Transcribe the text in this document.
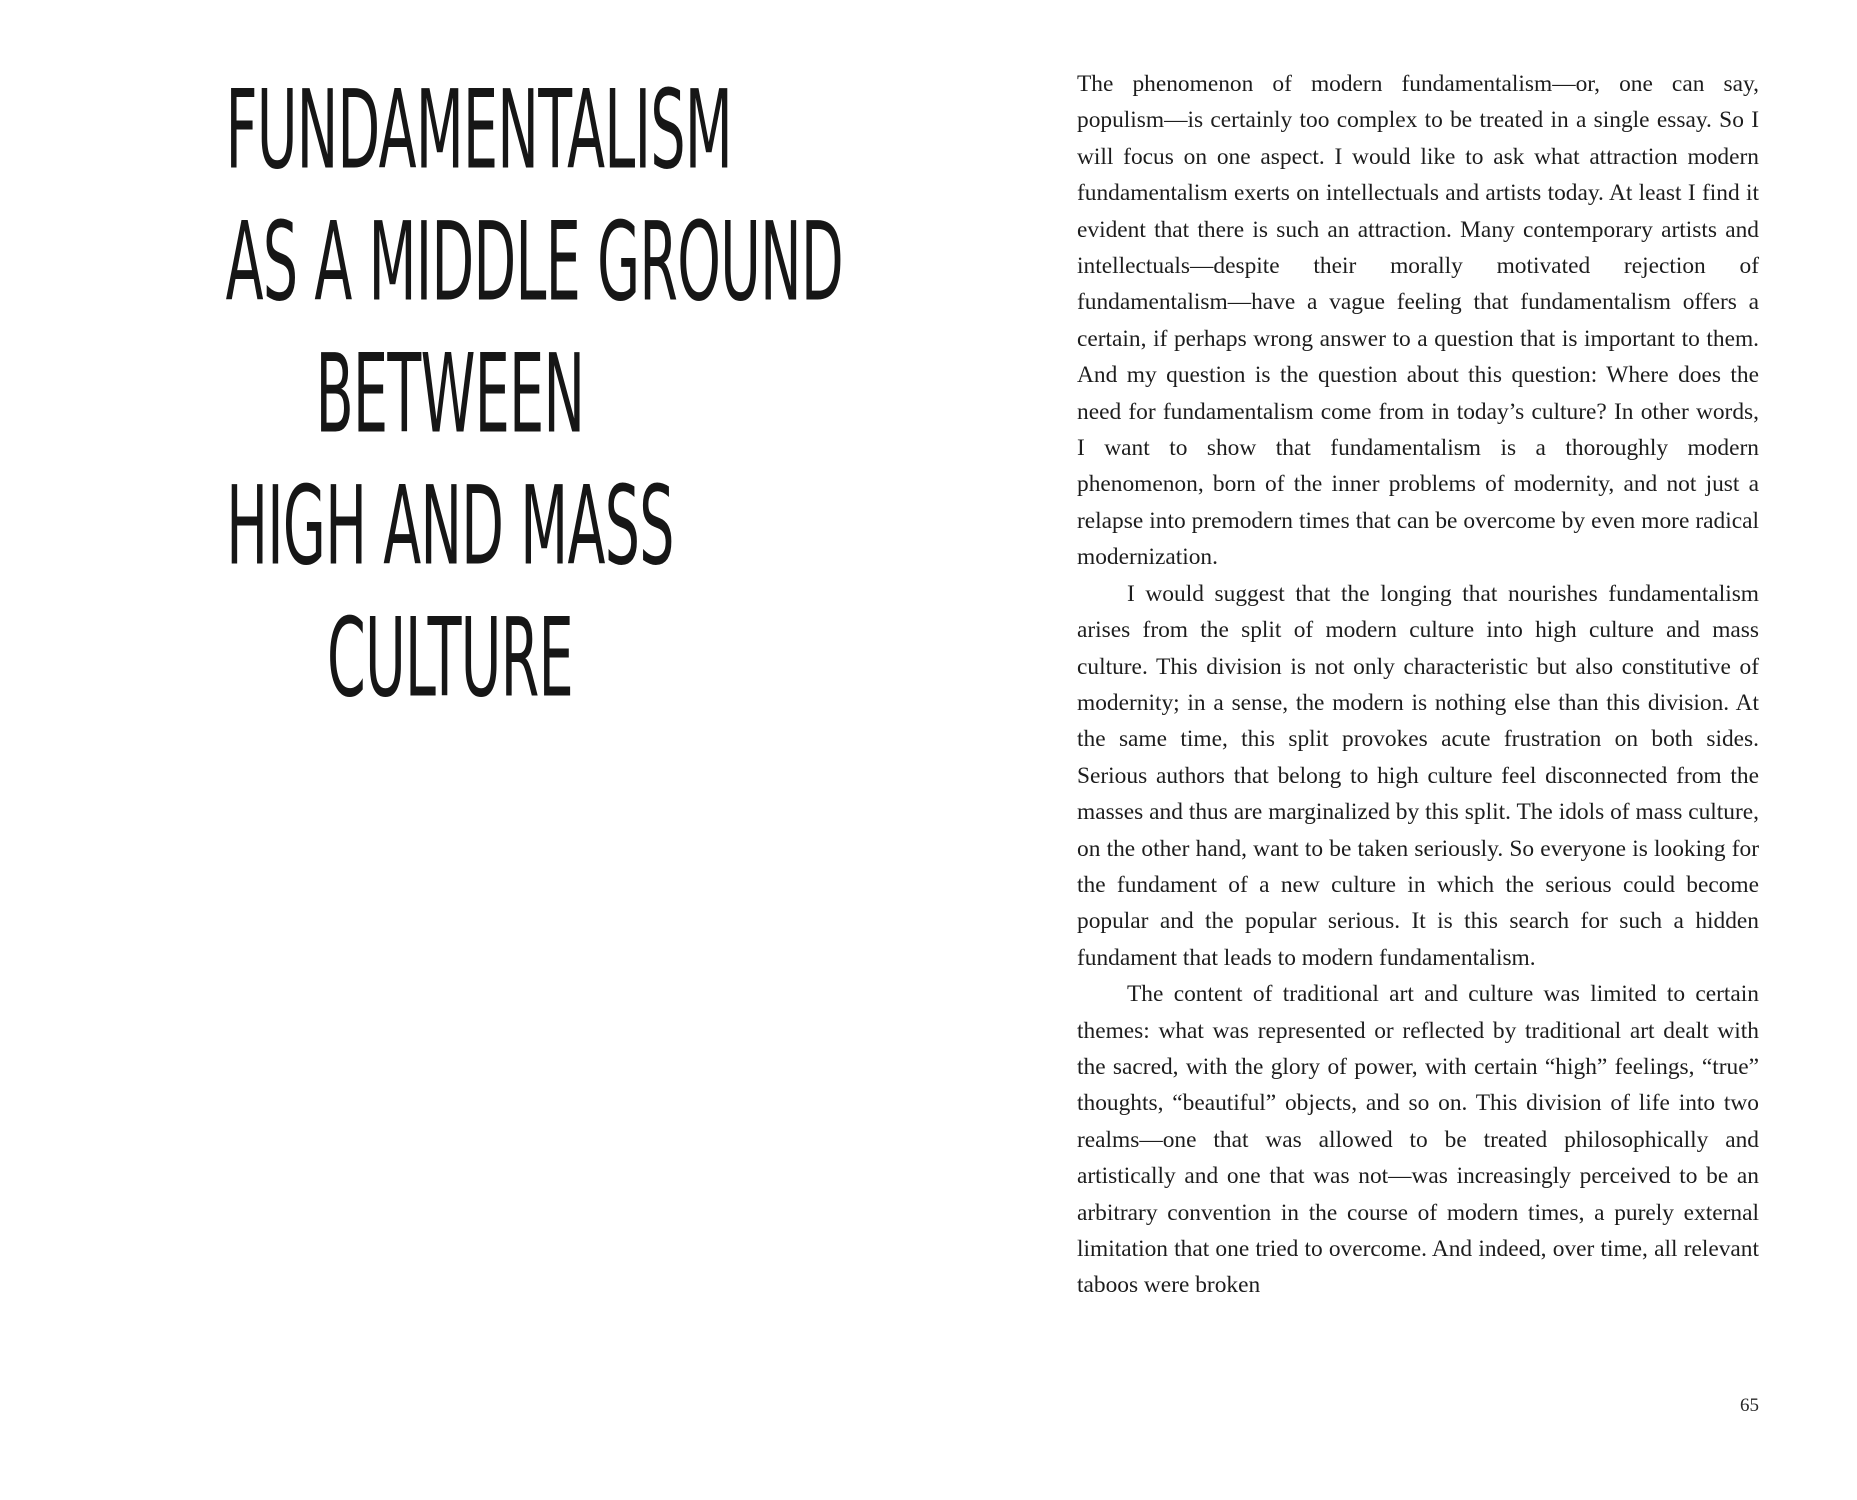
FUNDAMENTALISM
AS A MIDDLE GROUND
BETWEEN
HIGH AND MASS
CULTURE

The phenomenon of modern fundamentalism—or, one can say, populism—is certainly too complex to be treated in a single essay. So I will focus on one aspect. I would like to ask what attraction modern fundamentalism exerts on intellectuals and artists today. At least I find it evident that there is such an attraction. Many contemporary artists and intellectuals—despite their morally motivated rejection of fundamentalism—have a vague feeling that fundamentalism offers a certain, if perhaps wrong answer to a question that is important to them. And my question is the question about this question: Where does the need for fundamentalism come from in today’s culture? In other words, I want to show that fundamentalism is a thoroughly modern phenomenon, born of the inner problems of modernity, and not just a relapse into premodern times that can be overcome by even more radical modernization.

I would suggest that the longing that nourishes fundamentalism arises from the split of modern culture into high culture and mass culture. This division is not only characteristic but also constitutive of modernity; in a sense, the modern is nothing else than this division. At the same time, this split provokes acute frustration on both sides. Serious authors that belong to high culture feel disconnected from the masses and thus are marginalized by this split. The idols of mass culture, on the other hand, want to be taken seriously. So everyone is looking for the fundament of a new culture in which the serious could become popular and the popular serious. It is this search for such a hidden fundament that leads to modern fundamentalism.

The content of traditional art and culture was limited to certain themes: what was represented or reflected by traditional art dealt with the sacred, with the glory of power, with certain “high” feelings, “true” thoughts, “beautiful” objects, and so on. This division of life into two realms—one that was allowed to be treated philosophically and artistically and one that was not—was increasingly perceived to be an arbitrary convention in the course of modern times, a purely external limitation that one tried to overcome. And indeed, over time, all relevant taboos were broken

65
